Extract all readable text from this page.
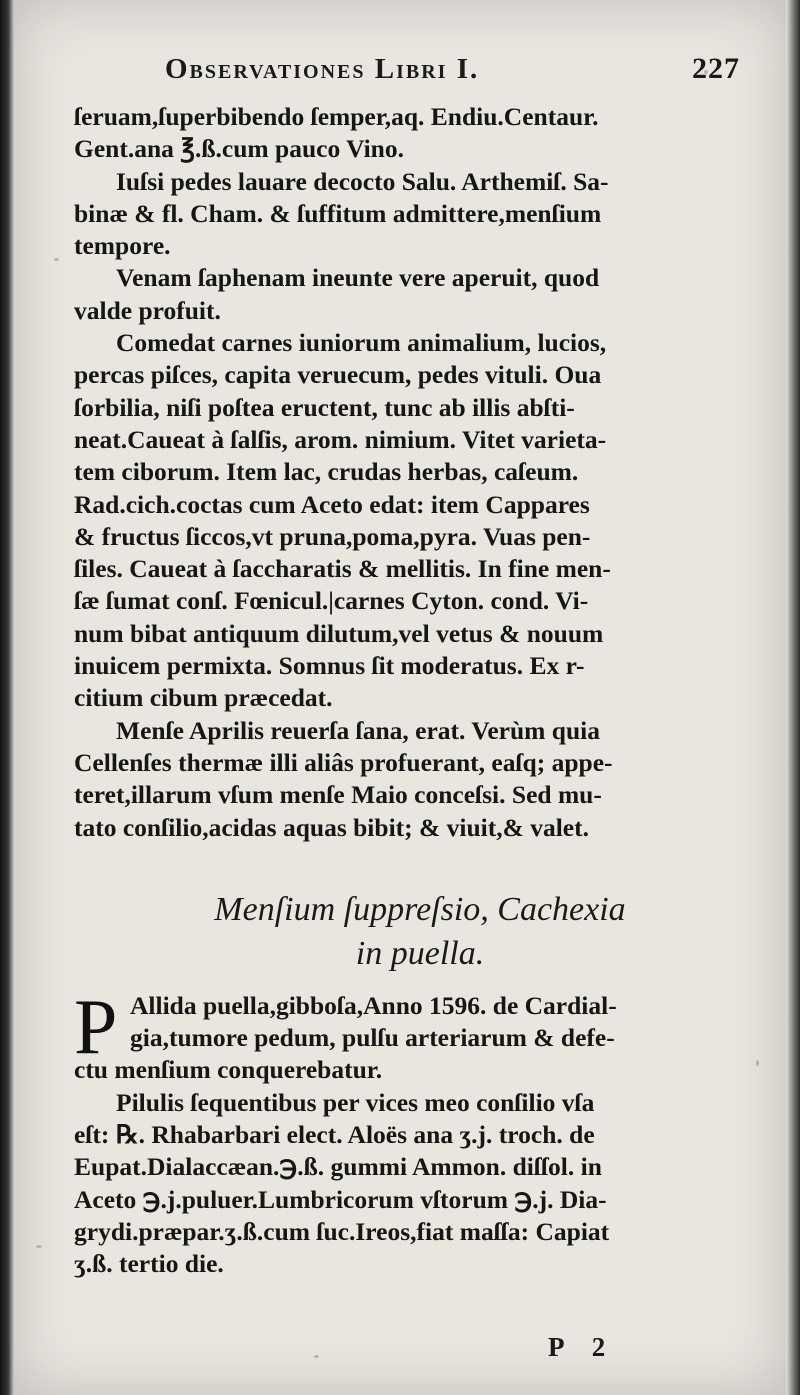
Observationes Libri I.	227
ſeruam,ſuperbibendo ſemper,aq. Endiu.Centaur.
Gent.ana ℥.ß.cum pauco Vino.
Iuſsi pedes lauare decocto Salu. Arthemiſ. Sa-
binæ & fl. Cham. & ſuffitum admittere,menſium
tempore.
Venam ſaphenam ineunte vere aperuit, quod
valde profuit.
Comedat carnes iuniorum animalium, lucios,
percas piſces, capita veruecum, pedes vituli. Oua
ſorbilia, niſi poſtea eructent, tunc ab illis abſti-
neat.Caueat à ſalſis, arom. nimium. Vitet varieta-
tem ciborum. Item lac, crudas herbas, caſeum.
Rad.cich.coctas cum Aceto edat: item Cappares
& fructus ſiccos,vt pruna,poma,pyra. Vuas pen-
ſiles. Caueat à ſaccharatis & mellitis. In fine men-
ſæ ſumat conſ. Fœnicul.|carnes Cyton. cond. Vi-
num bibat antiquum dilutum,vel vetus & nouum
inuicem permixta. Somnus ſit moderatus. Ex r-
citium cibum præcedat.
Menſe Aprilis reuerſa ſana, erat. Verùm quia
Cellenſes thermæ illi aliâs profuerant, eaſq; appe-
teret,illarum vſum menſe Maio conceſsi. Sed mu-
tato conſilio,acidas aquas bibit; & viuit,& valet.
Menſium ſuppreſsio, Cachexia
in puella.
P Allida puella,gibboſa,Anno 1596. de Cardial-
gia,tumore pedum, pulſu arteriarum & defe-
ctu menſium conquerebatur.
Pilulis ſequentibus per vices meo conſilio vſa
eſt: ℞. Rhabarbari elect. Aloës ana ʒ.j. troch. de
Eupat.Dialaccæan.℈.ß. gummi Ammon. diſſol. in
Aceto ℈.j.puluer.Lumbricorum vſtorum ℈.j. Dia-
grydi.præpar.ʒ.ß.cum ſuc.Ireos,fiat maſſa: Capiat
ʒ.ß. tertio die.
P 2
